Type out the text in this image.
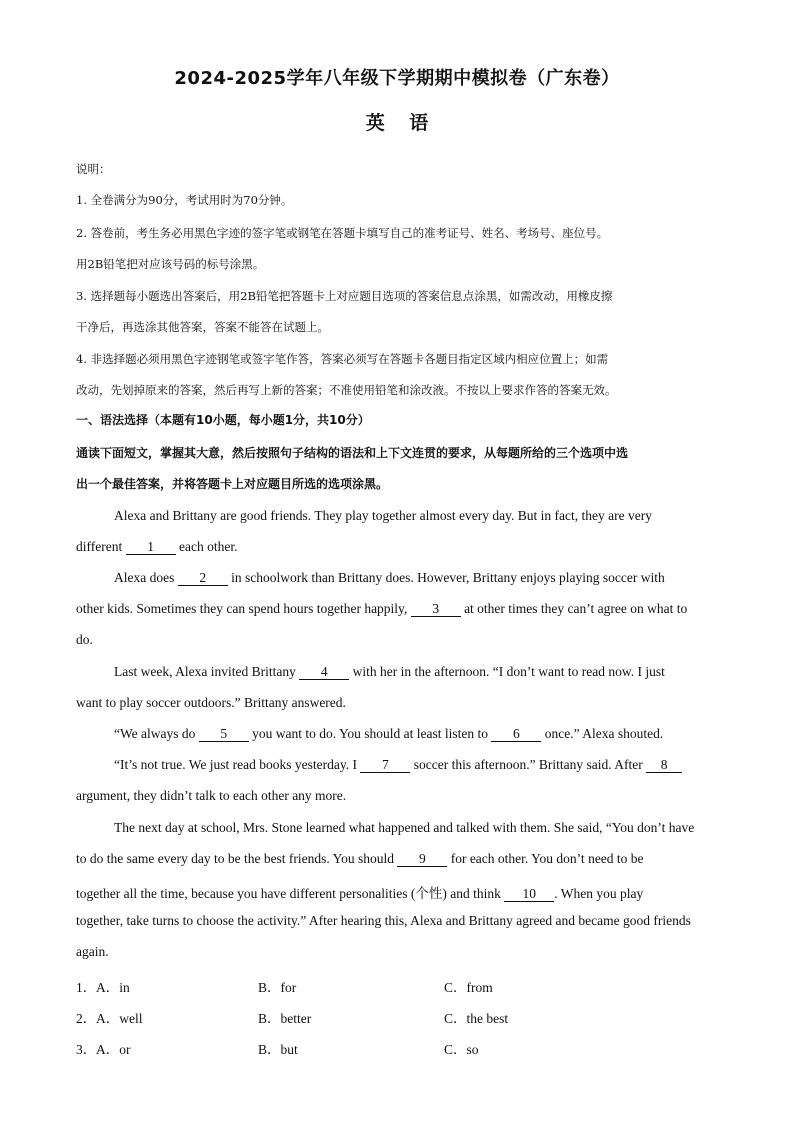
2024-2025学年八年级下学期期中模拟卷（广东卷）
英 语
说明：
1. 全卷满分为90分，考试用时为70分钟。
2. 答卷前，考生务必用黑色字迹的签字笔或钢笔在答题卡填写自己的准考证号、姓名、考场号、座位号。
用2B铅笔把对应该号码的标号涂黑。
3. 选择题每小题选出答案后，用2B铅笔把答题卡上对应题目选项的答案信息点涂黑，如需改动，用橡皮擦
干净后，再选涂其他答案，答案不能答在试题上。
4. 非选择题必须用黑色字迹钢笔或签字笔作答，答案必须写在答题卡各题目指定区域内相应位置上；如需
改动，先划掉原来的答案，然后再写上新的答案；不准使用铅笔和涂改液。不按以上要求作答的答案无效。
一、语法选择（本题有10小题，每小题1分，共10分）
通读下面短文，掌握其大意，然后按照句子结构的语法和上下文连贯的要求，从每题所给的三个选项中选
出一个最佳答案，并将答题卡上对应题目所选的选项涂黑。
Alexa and Brittany are good friends. They play together almost every day. But in fact, they are very
different 1 each other.
Alexa does 2 in schoolwork than Brittany does. However, Brittany enjoys playing soccer with
other kids. Sometimes they can spend hours together happily, 3 at other times they can’t agree on what to
do.
Last week, Alexa invited Brittany 4 with her in the afternoon. “I don’t want to read now. I just
want to play soccer outdoors.” Brittany answered.
“We always do 5 you want to do. You should at least listen to 6 once.” Alexa shouted.
“It’s not true. We just read books yesterday. I 7 soccer this afternoon.” Brittany said. After 8
argument, they didn’t talk to each other any more.
The next day at school, Mrs. Stone learned what happened and talked with them. She said, “You don’t have
to do the same every day to be the best friends. You should 9 for each other. You don’t need to be
together all the time, because you have different personalities (个性) and think 10 . When you play
together, take turns to choose the activity.” After hearing this, Alexa and Brittany agreed and became good friends
again.
1． A．in	B．for	C．from
2． A．well	B．better	C．the best
3． A．or	B．but	C．so
